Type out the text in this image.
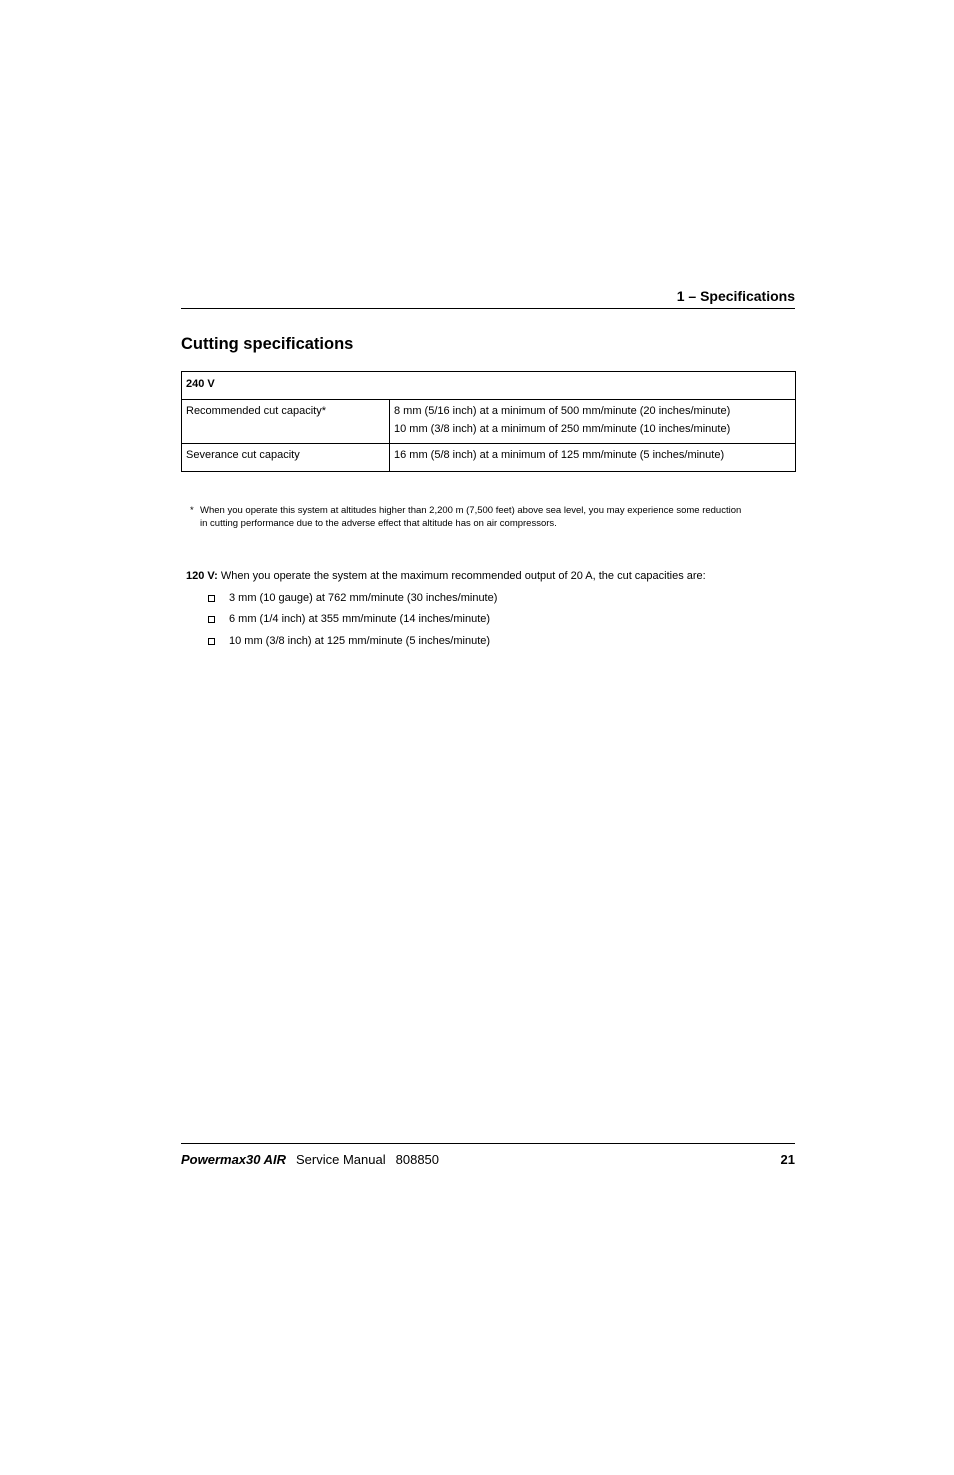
1 – Specifications
Cutting specifications
240 V	
Recommended cut capacity*	8 mm (5/16 inch) at a minimum of 500 mm/minute (20 inches/minute)
10 mm (3/8 inch) at a minimum of 250 mm/minute (10 inches/minute)

Severance cut capacity	16 mm (5/8 inch) at a minimum of 125 mm/minute (5 inches/minute)
* When you operate this system at altitudes higher than 2,200 m (7,500 feet) above sea level, you may experience some reduction
in cutting performance due to the adverse effect that altitude has on air compressors.
120 V: When you operate the system at the maximum recommended output of 20 A, the cut capacities are:
3 mm (10 gauge) at 762 mm/minute (30 inches/minute)
6 mm (1/4 inch) at 355 mm/minute (14 inches/minute)
10 mm (3/8 inch) at 125 mm/minute (5 inches/minute)
Powermax30 AIR Service Manual 808850	21
